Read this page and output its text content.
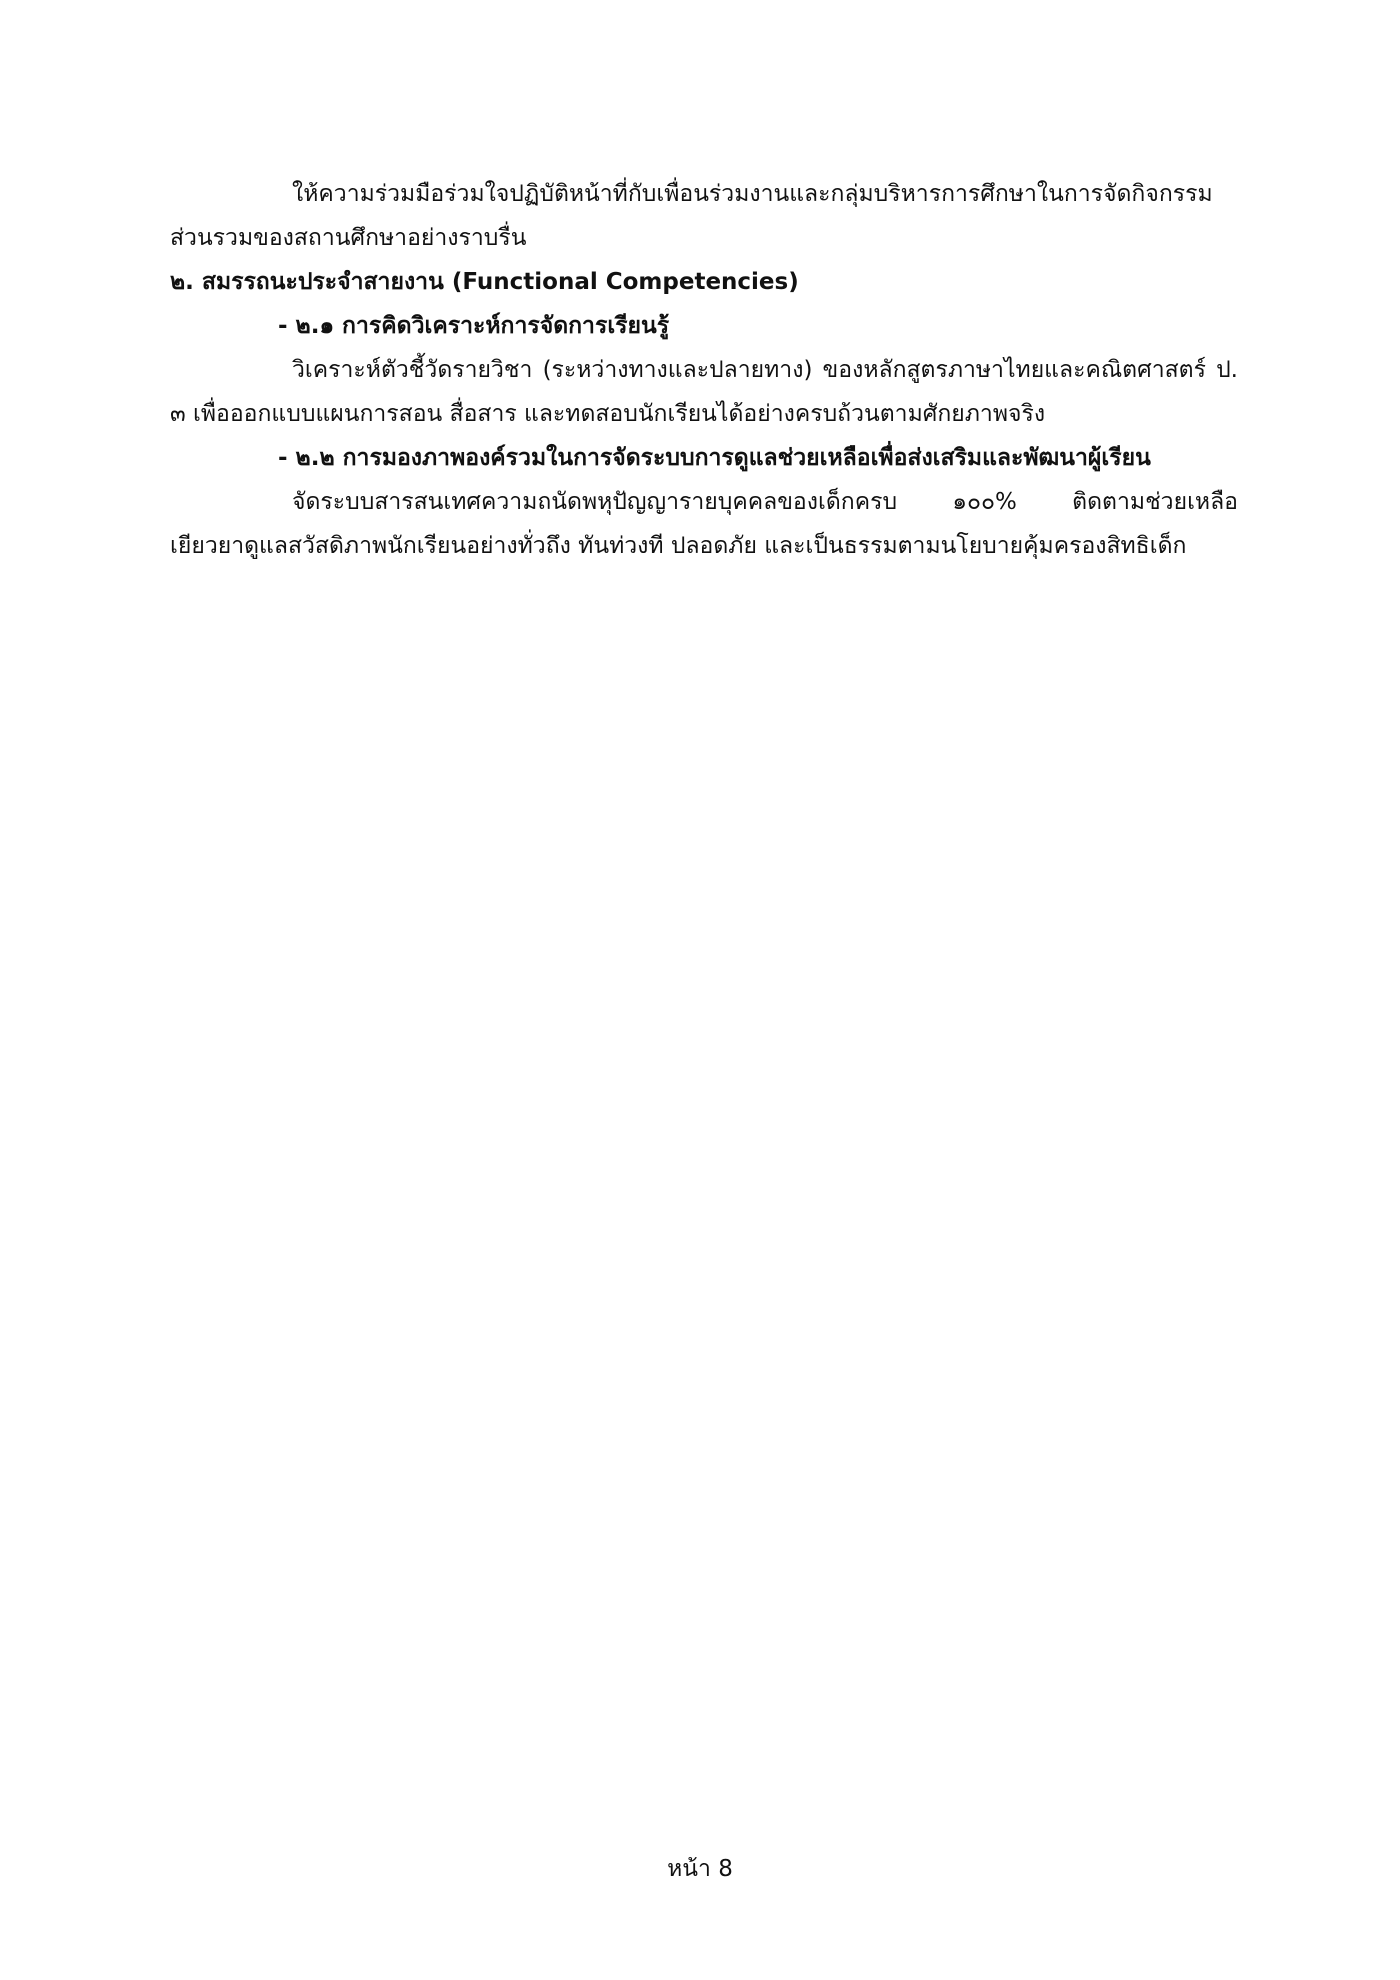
ให้ความร่วมมือร่วมใจปฏิบัติหน้าที่กับเพื่อนร่วมงานและกลุ่มบริหารการศึกษาในการจัดกิจกรรม
ส่วนรวมของสถานศึกษาอย่างราบรื่น
๒. สมรรถนะประจำสายงาน (Functional Competencies)
- ๒.๑ การคิดวิเคราะห์การจัดการเรียนรู้
วิเคราะห์ตัวชี้วัดรายวิชา (ระหว่างทางและปลายทาง) ของหลักสูตรภาษาไทยและคณิตศาสตร์ ป.
๓ เพื่อออกแบบแผนการสอน สื่อสาร และทดสอบนักเรียนได้อย่างครบถ้วนตามศักยภาพจริง
- ๒.๒ การมองภาพองค์รวมในการจัดระบบการดูแลช่วยเหลือเพื่อส่งเสริมและพัฒนาผู้เรียน
จัดระบบสารสนเทศความถนัดพหุปัญญารายบุคคลของเด็กครบ ๑๐๐% ติดตามช่วยเหลือ
เยียวยาดูแลสวัสดิภาพนักเรียนอย่างทั่วถึง ทันท่วงที ปลอดภัย และเป็นธรรมตามนโยบายคุ้มครองสิทธิเด็ก
หน้า 8
